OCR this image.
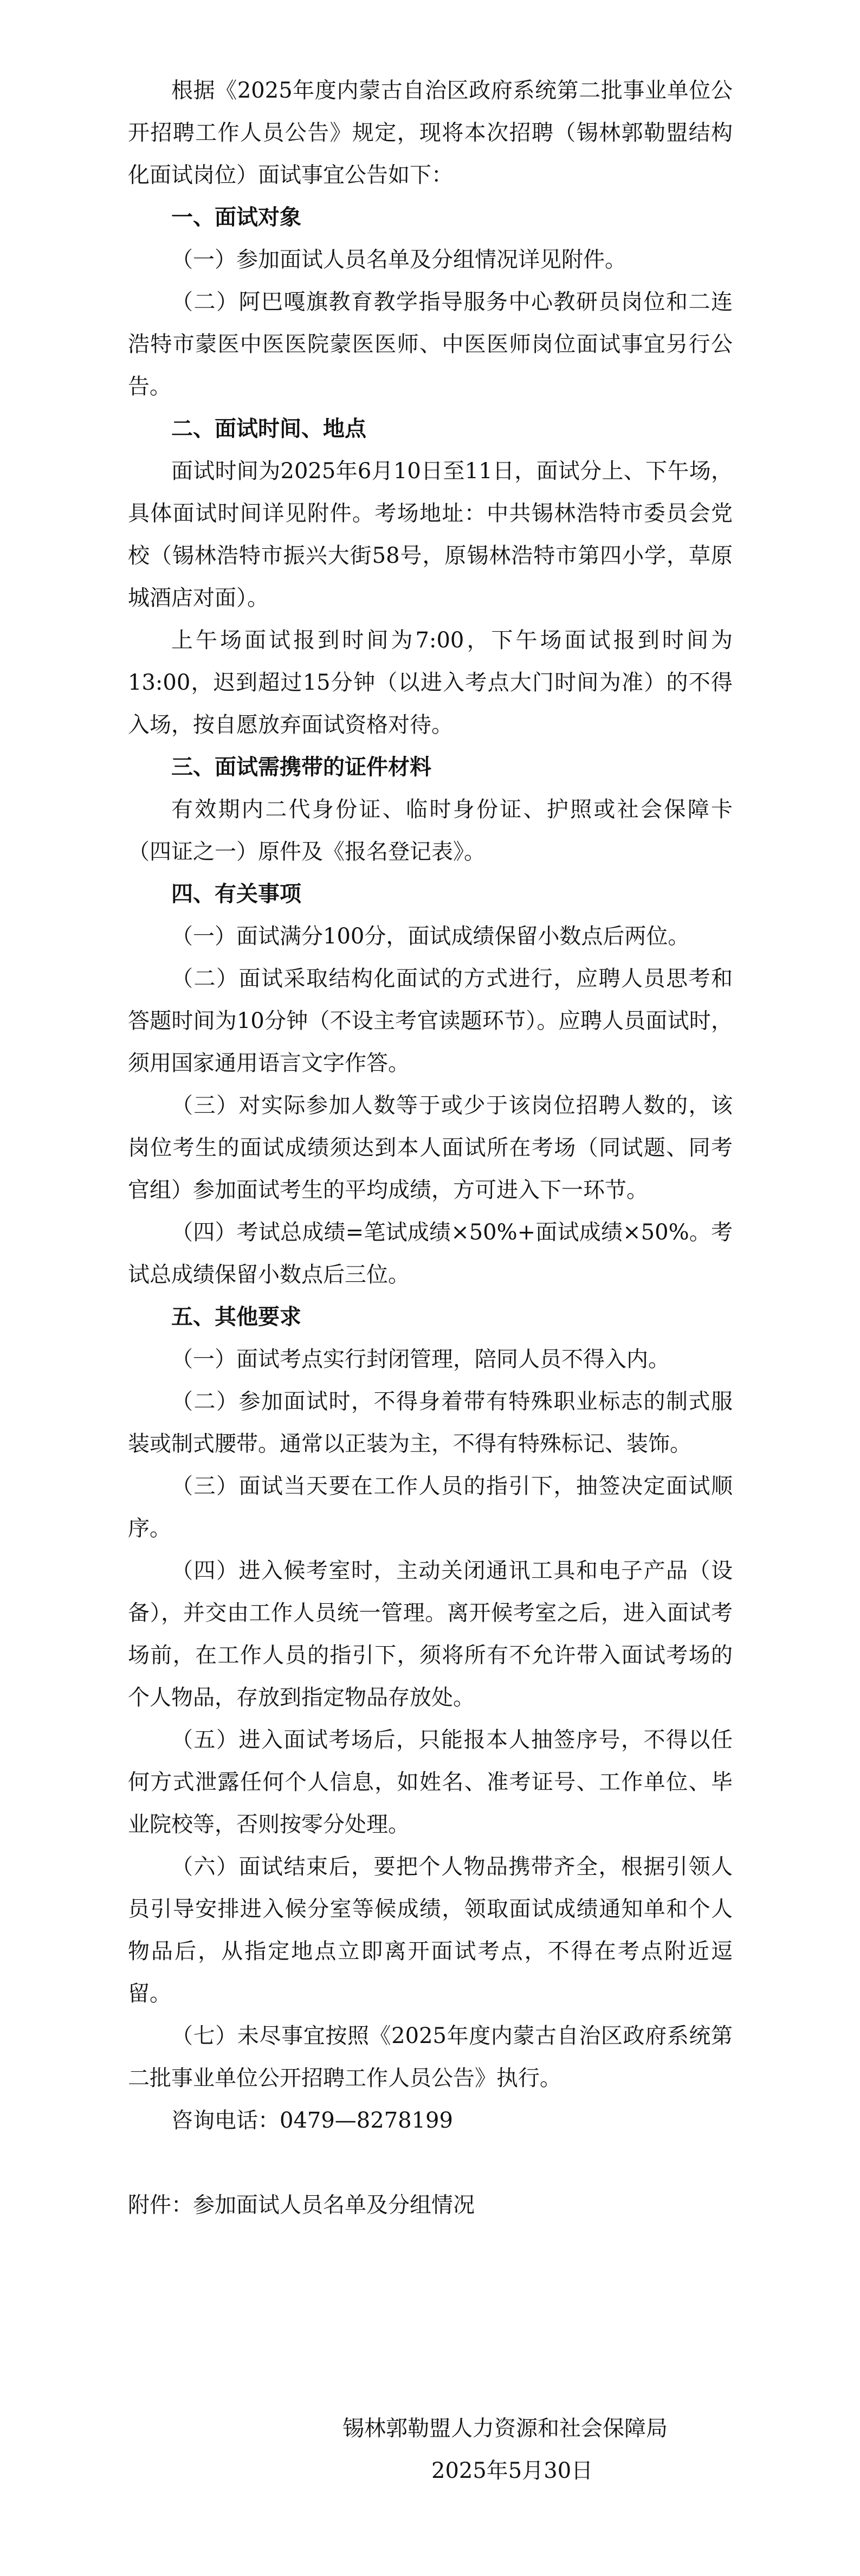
根据《2025年度内蒙古自治区政府系统第二批事业单位公开招聘工作人员公告》规定，现将本次招聘（锡林郭勒盟结构化面试岗位）面试事宜公告如下：

一、面试对象

（一）参加面试人员名单及分组情况详见附件。

（二）阿巴嘎旗教育教学指导服务中心教研员岗位和二连浩特市蒙医中医医院蒙医医师、中医医师岗位面试事宜另行公告。

二、面试时间、地点

面试时间为2025年6月10日至11日，面试分上、下午场，具体面试时间详见附件。考场地址：中共锡林浩特市委员会党校（锡林浩特市振兴大街58号，原锡林浩特市第四小学，草原城酒店对面）。

上午场面试报到时间为7:00，下午场面试报到时间为13:00，迟到超过15分钟（以进入考点大门时间为准）的不得入场，按自愿放弃面试资格对待。

三、面试需携带的证件材料

有效期内二代身份证、临时身份证、护照或社会保障卡（四证之一）原件及《报名登记表》。

四、有关事项

（一）面试满分100分，面试成绩保留小数点后两位。

（二）面试采取结构化面试的方式进行，应聘人员思考和答题时间为10分钟（不设主考官读题环节）。应聘人员面试时，须用国家通用语言文字作答。

（三）对实际参加人数等于或少于该岗位招聘人数的，该岗位考生的面试成绩须达到本人面试所在考场（同试题、同考官组）参加面试考生的平均成绩，方可进入下一环节。

（四）考试总成绩=笔试成绩×50%+面试成绩×50%。考试总成绩保留小数点后三位。

五、其他要求

（一）面试考点实行封闭管理，陪同人员不得入内。

（二）参加面试时，不得身着带有特殊职业标志的制式服装或制式腰带。通常以正装为主，不得有特殊标记、装饰。

（三）面试当天要在工作人员的指引下，抽签决定面试顺序。

（四）进入候考室时，主动关闭通讯工具和电子产品（设备），并交由工作人员统一管理。离开候考室之后，进入面试考场前，在工作人员的指引下，须将所有不允许带入面试考场的个人物品，存放到指定物品存放处。

（五）进入面试考场后，只能报本人抽签序号，不得以任何方式泄露任何个人信息，如姓名、准考证号、工作单位、毕业院校等，否则按零分处理。

（六）面试结束后，要把个人物品携带齐全，根据引领人员引导安排进入候分室等候成绩，领取面试成绩通知单和个人物品后，从指定地点立即离开面试考点，不得在考点附近逗留。

（七）未尽事宜按照《2025年度内蒙古自治区政府系统第二批事业单位公开招聘工作人员公告》执行。

咨询电话：0479—8278199

附件：参加面试人员名单及分组情况

锡林郭勒盟人力资源和社会保障局
2025年5月30日
